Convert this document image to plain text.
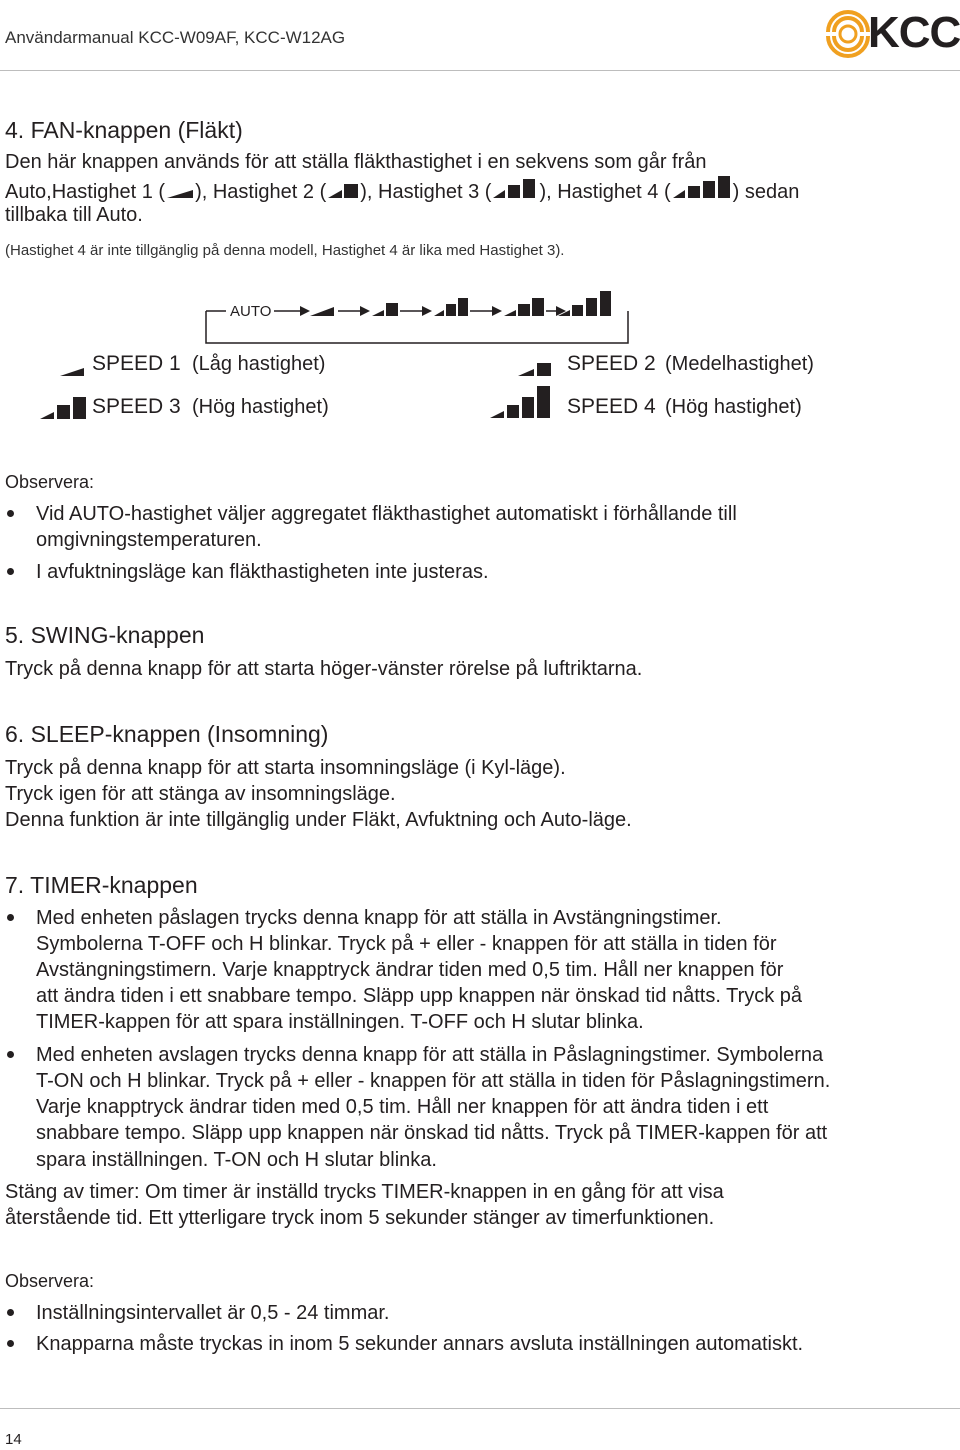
Användarmanual KCC-W09AF, KCC-W12AG	KCC
4. FAN-knappen (Fläkt)
Den här knappen används för att ställa fläkthastighet i en sekvens som går från
Auto,Hastighet 1 ( ), Hastighet 2 ( ), Hastighet 3 ( ), Hastighet 4 (	) sedan
tillbaka till Auto.
(Hastighet 4 är inte tillgänglig på denna modell, Hastighet 4 är lika med Hastighet 3).
AUTO
SPEED 1 (Låg hastighet)	SPEED 2 (Medelhastighet)
SPEED 3 (Hög hastighet)	SPEED 4 (Hög hastighet)
Observera:
Vid AUTO-hastighet väljer aggregatet fläkthastighet automatiskt i förhållande till
omgivningstemperaturen.
I avfuktningsläge kan fläkthastigheten inte justeras.
5. SWING-knappen
Tryck på denna knapp för att starta höger-vänster rörelse på luftriktarna.
6. SLEEP-knappen (Insomning)
Tryck på denna knapp för att starta insomningsläge (i Kyl-läge).
Tryck igen för att stänga av insomningsläge.
Denna funktion är inte tillgänglig under Fläkt, Avfuktning och Auto-läge.
7. TIMER-knappen
Med enheten påslagen trycks denna knapp för att ställa in Avstängningstimer.
Symbolerna T-OFF och H blinkar. Tryck på + eller - knappen för att ställa in tiden för
Avstängningstimern. Varje knapptryck ändrar tiden med 0,5 tim. Håll ner knappen för
att ändra tiden i ett snabbare tempo. Släpp upp knappen när önskad tid nåtts. Tryck på
TIMER-kappen för att spara inställningen. T-OFF och H slutar blinka.
Med enheten avslagen trycks denna knapp för att ställa in Påslagningstimer. Symbolerna
T-ON och H blinkar. Tryck på + eller - knappen för att ställa in tiden för Påslagningstimern.
Varje knapptryck ändrar tiden med 0,5 tim. Håll ner knappen för att ändra tiden i ett
snabbare tempo. Släpp upp knappen när önskad tid nåtts. Tryck på TIMER-kappen för att
spara inställningen. T-ON och H slutar blinka.
Stäng av timer: Om timer är inställd trycks TIMER-knappen in en gång för att visa
återstående tid. Ett ytterligare tryck inom 5 sekunder stänger av timerfunktionen.
Observera:
Inställningsintervallet är 0,5 - 24 timmar.
Knapparna måste tryckas in inom 5 sekunder annars avsluta inställningen automatiskt.
14
